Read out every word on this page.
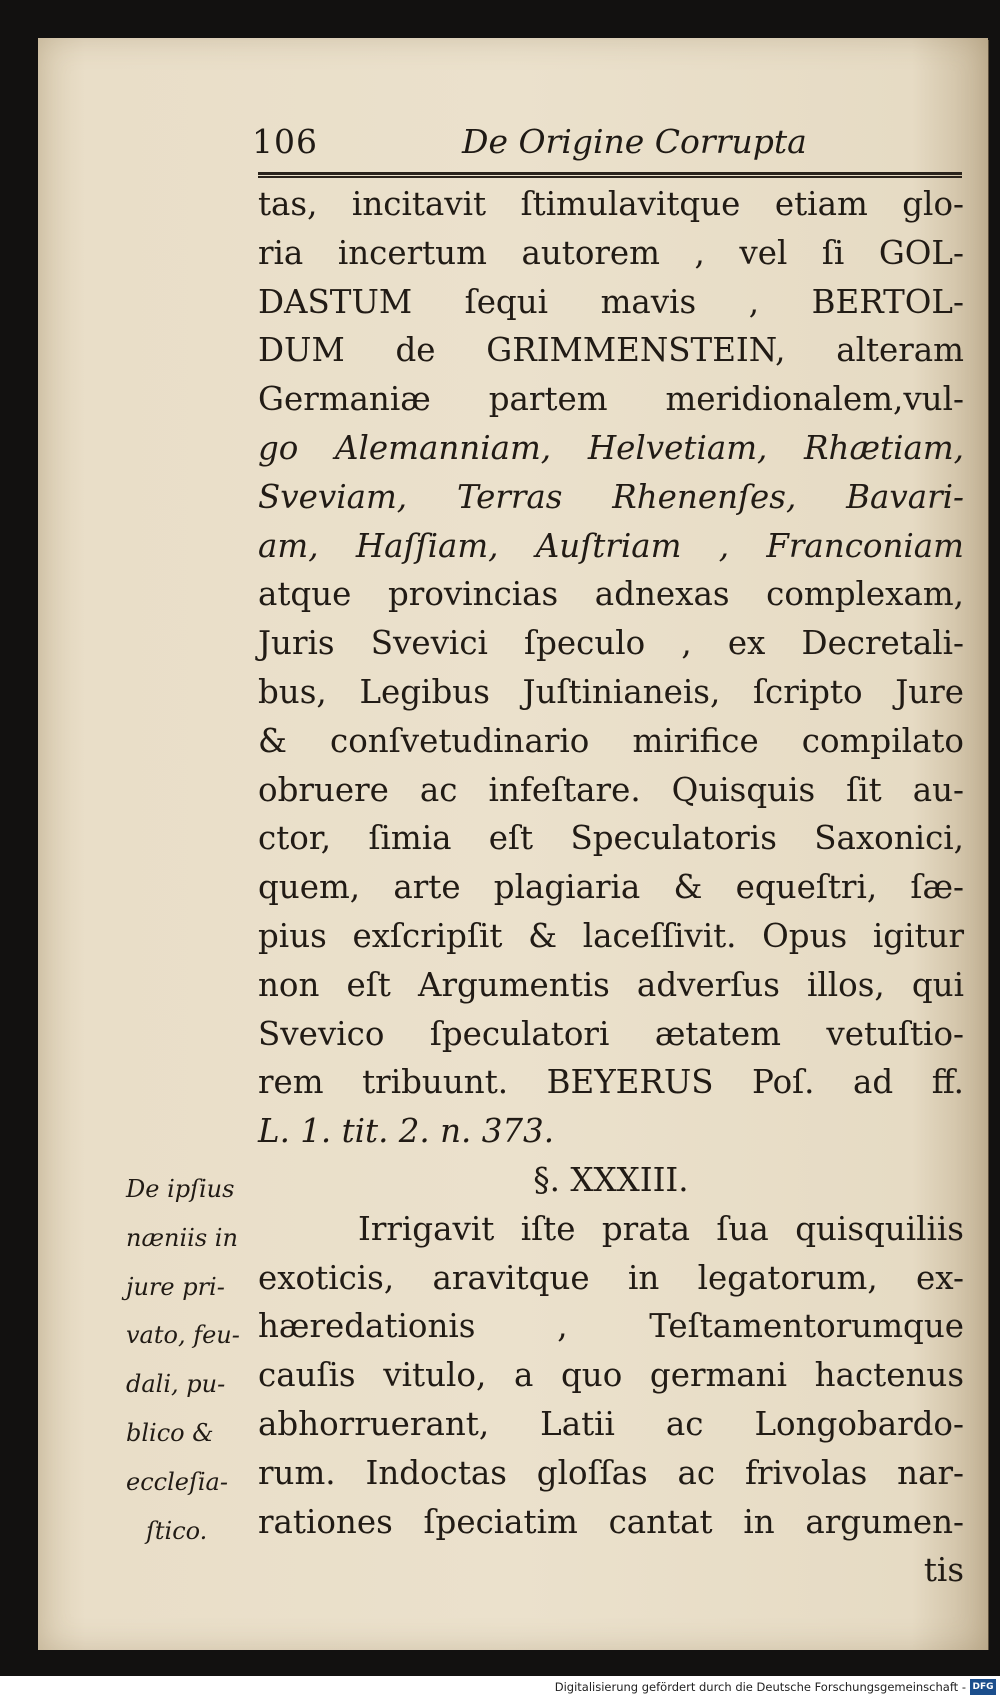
106	De Origine Corrupta
tas, incitavit ſtimulavitque etiam glo-
ria incertum autorem , vel ſi GOL-
DASTUM ſequi mavis , BERTOL-
DUM de GRIMMENSTEIN, alteram
Germaniæ partem meridionalem,vul-
go Alemanniam, Helvetiam, Rhætiam,
Sveviam, Terras Rhenenſes, Bavari-
am, Haſſiam, Auſtriam , Franconiam
atque provincias adnexas complexam,
Juris Svevici ſpeculo , ex Decretali-
bus, Legibus Juſtinianeis, ſcripto Jure
& conſvetudinario mirifice compilato
obruere ac infeſtare. Quisquis ſit au-
ctor, ſimia eſt Speculatoris Saxonici,
quem, arte plagiaria & equeſtri, ſæ-
pius exſcripſit & laceſſivit. Opus igitur
non eſt Argumentis adverſus illos, qui
Svevico ſpeculatori ætatem vetuſtio-
rem tribuunt. BEYERUS Poſ. ad ff.
L. 1. tit. 2. n. 373.
§. XXXIII.
Irrigavit iſte prata ſua quisquiliis
exoticis, aravitque in legatorum, ex-
hæredationis , Teſtamentorumque
cauſis vitulo, a quo germani hactenus
abhorruerant, Latii ac Longobardo-
rum. Indoctas gloſſas ac frivolas nar-
rationes ſpeciatim cantat in argumen-
tis
De ipſius
næniis in
jure pri-
vato, feu-
dali, pu-
blico &
eccleſia-
ſtico.
Digitalisierung gefördert durch die Deutsche Forschungsgemeinschaft - DFG
